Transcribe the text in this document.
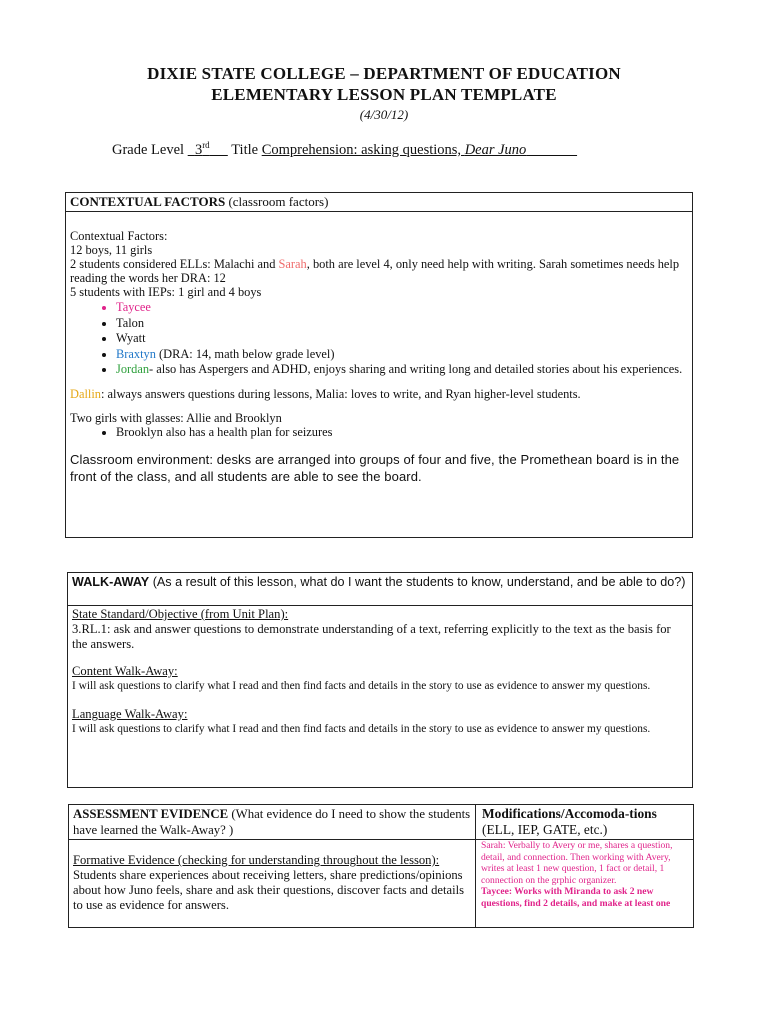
DIXIE STATE COLLEGE – DEPARTMENT OF EDUCATION
ELEMENTARY LESSON PLAN TEMPLATE
(4/30/12)
Grade Level 3rd Title Comprehension: asking questions, Dear Juno
CONTEXTUAL FACTORS (classroom factors)

Contextual Factors:

12 boys, 11 girls

2 students considered ELLs: Malachi and Sarah, both are level 4, only need help with writing. Sarah sometimes needs help reading the words her DRA: 12

5 students with IEPs: 1 girl and 4 boys

• Taycee
• Talon
• Wyatt
• Braxtyn (DRA: 14, math below grade level)
• Jordan- also has Aspergers and ADHD, enjoys sharing and writing long and detailed stories about his experiences.

Dallin: always answers questions during lessons, Malia: loves to write, and Ryan higher-level students.

Two girls with glasses: Allie and Brooklyn

• Brooklyn also has a health plan for seizures

Classroom environment: desks are arranged into groups of four and five, the Promethean board is in the front of the class, and all students are able to see the board.

WALK-AWAY (As a result of this lesson, what do I want the students to know, understand, and be able to do?)

State Standard/Objective (from Unit Plan):

3.RL.1: ask and answer questions to demonstrate understanding of a text, referring explicitly to the text as the basis for the answers.

Content Walk-Away:

I will ask questions to clarify what I read and then find facts and details in the story to use as evidence to answer my questions.

Language Walk-Away:

I will ask questions to clarify what I read and then find facts and details in the story to use as evidence to answer my questions.

ASSESSMENT EVIDENCE (What evidence do I need to show the students have learned the Walk-Away? )
Modifications/Accomoda-tions (ELL, IEP, GATE, etc.)
Formative Evidence (checking for understanding throughout the lesson): Students share experiences about receiving letters, share predictions/opinions about how Juno feels, share and ask their questions, discover facts and details to use as evidence for answers.

Sarah: Verbally to Avery or me, shares a question, detail, and connection. Then working with Avery, writes at least 1 new question, 1 fact or detail, 1 connection on the grphic organizer.

Taycee: Works with Miranda to ask 2 new questions, find 2 details, and make at least one
